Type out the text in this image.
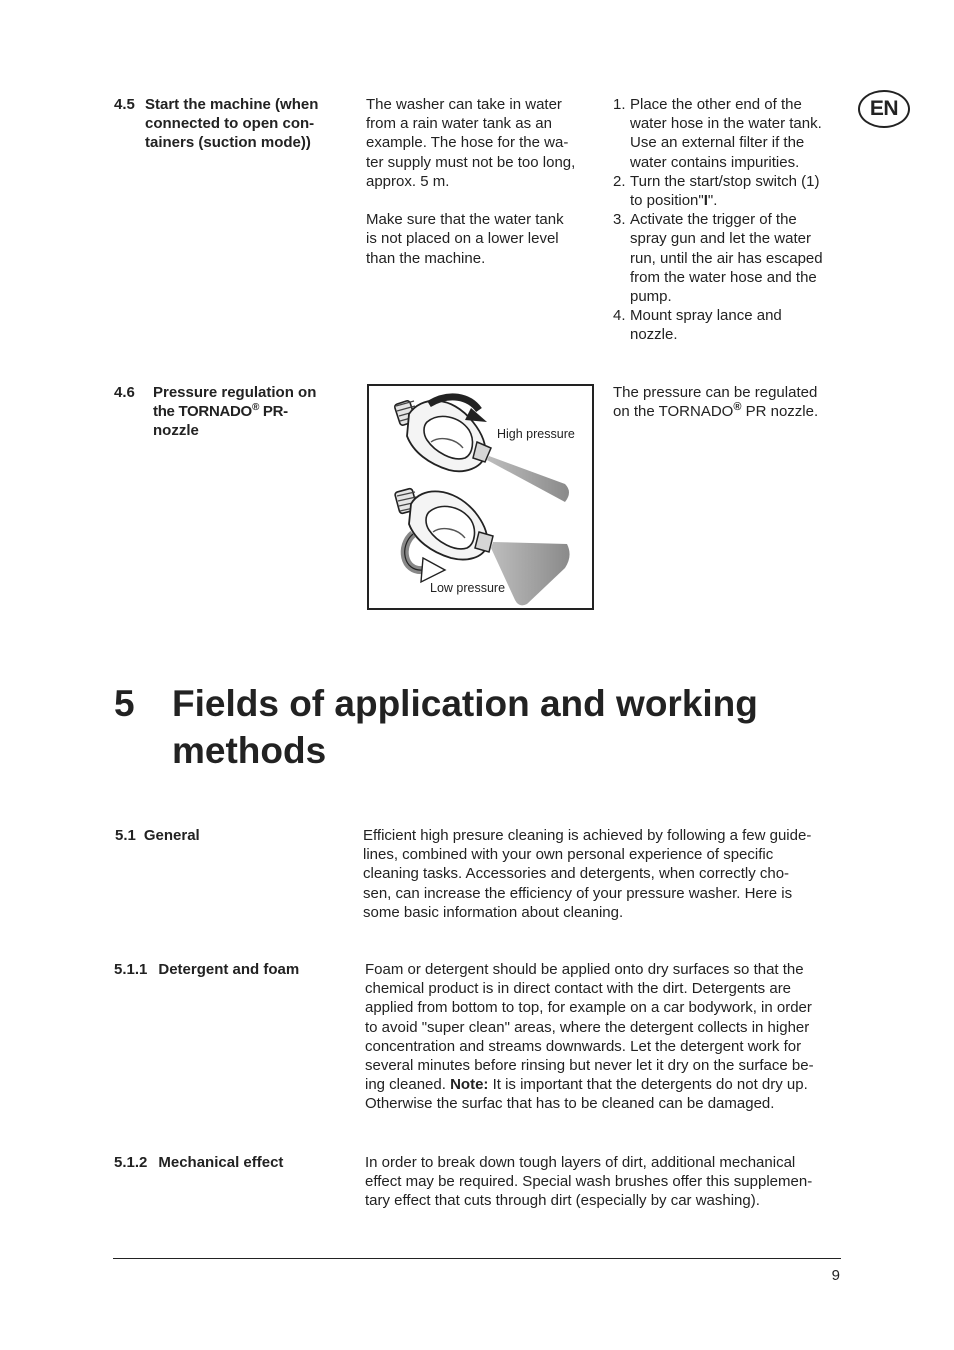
EN
4.5 Start the machine (when
connected to open con-
tainers (suction mode))
The washer can take in water
from a rain water tank as an
example. The hose for the wa-
ter supply must not be too long,
approx. 5 m.
Make sure that the water tank
is not placed on a lower level
than the machine.
1. Place the other end of the
water hose in the water tank.
Use an external filter if the
water contains impurities.
2. Turn the start/stop switch (1)
to position"I".
3. Activate the trigger of the
spray gun and let the water
run, until the air has escaped
from the water hose and the
pump.
4. Mount spray lance and
nozzle.
4.6 Pressure regulation on
the TORNADO® PR-
nozzle	High pressure
Low pressure
The pressure can be regulated
on the TORNADO® PR nozzle.
5 Fields of application and working
methods
5.1 General	Efficient high presure cleaning is achieved by following a few guide-
lines, combined with your own personal experience of specific
cleaning tasks. Accessories and detergents, when correctly cho-
sen, can increase the efficiency of your pressure washer. Here is
some basic information about cleaning.
5.1.1 Detergent and foam	Foam or detergent should be applied onto dry surfaces so that the
chemical product is in direct contact with the dirt. Detergents are
applied from bottom to top, for example on a car bodywork, in order
to avoid "super clean" areas, where the detergent collects in higher
concentration and streams downwards. Let the detergent work for
several minutes before rinsing but never let it dry on the surface be-
ing cleaned. Note: It is important that the detergents do not dry up.
Otherwise the surfac that has to be cleaned can be damaged.
5.1.2 Mechanical effect	In order to break down tough layers of dirt, additional mechanical
effect may be required. Special wash brushes offer this supplemen-
tary effect that cuts through dirt (especially by car washing).
9
